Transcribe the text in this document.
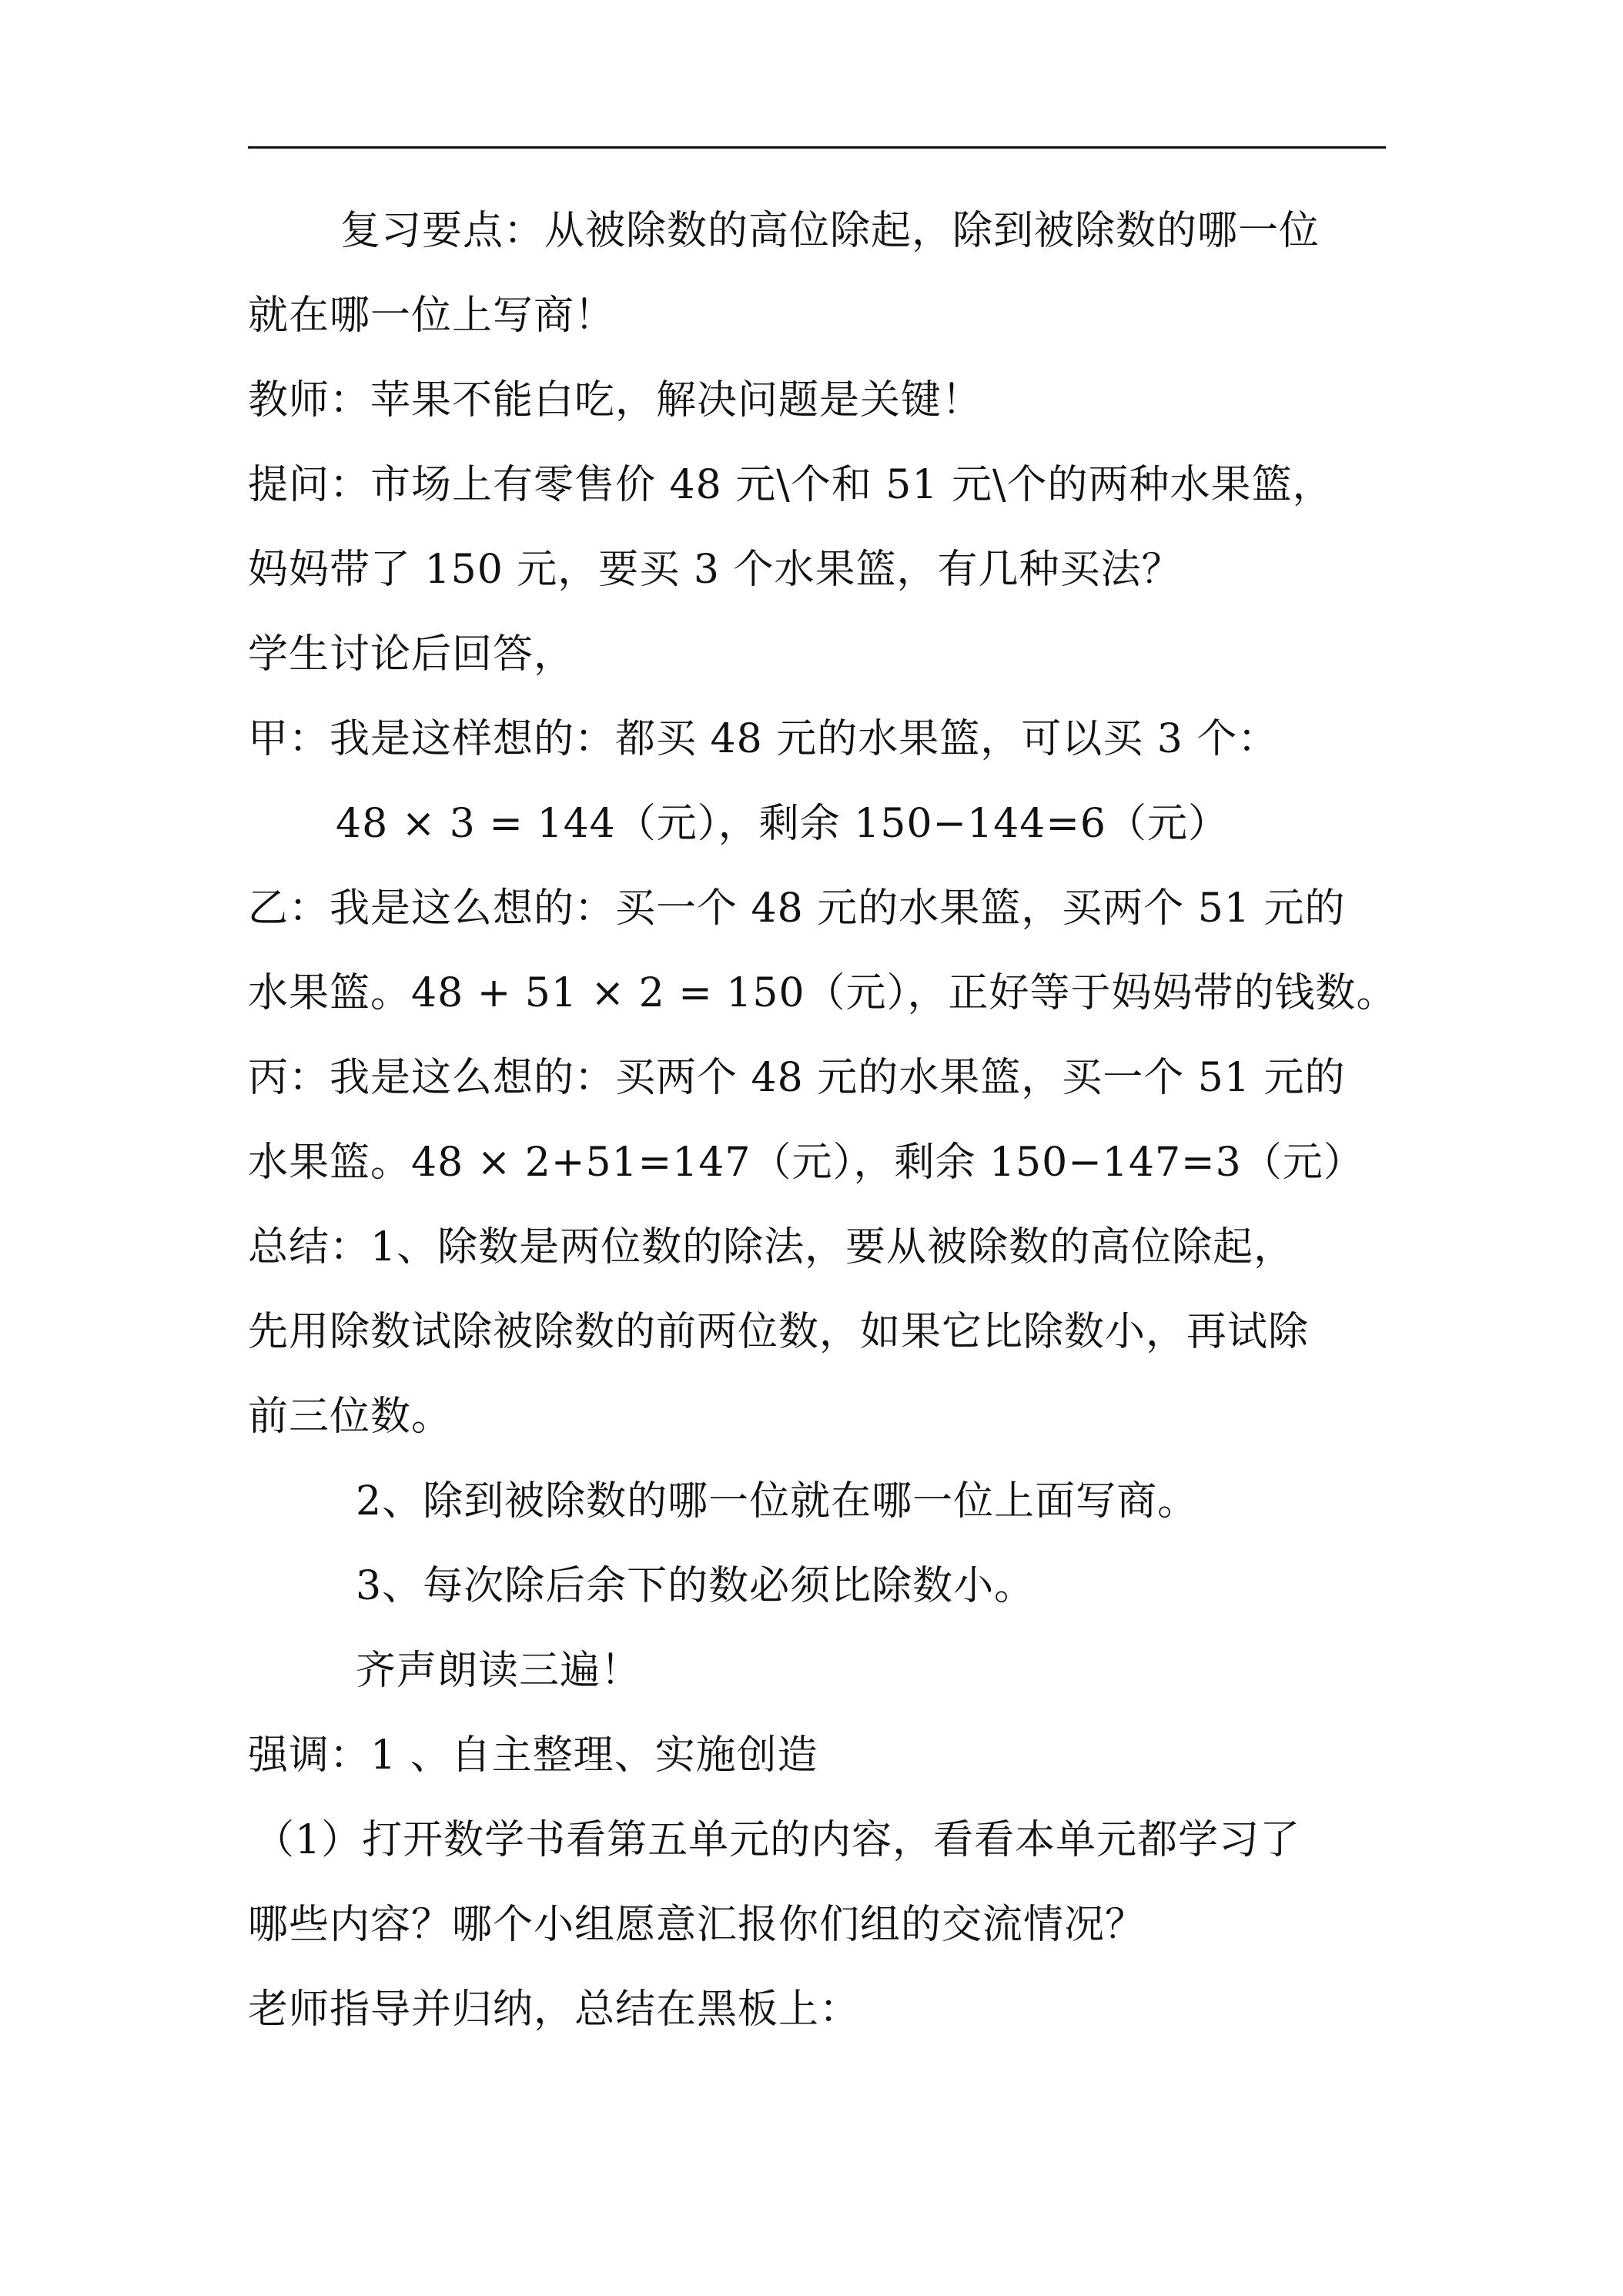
复习要点：从被除数的高位除起，除到被除数的哪一位
就在哪一位上写商！
教师：苹果不能白吃，解决问题是关键！
提问：市场上有零售价 48 元\个和 51 元\个的两种水果篮，
妈妈带了 150 元，要买 3 个水果篮，有几种买法？
学生讨论后回答，
甲：我是这样想的：都买 48 元的水果篮，可以买 3 个：
48 × 3 = 144（元），剩余 150−144=6（元）
乙：我是这么想的：买一个 48 元的水果篮，买两个 51 元的
水果篮。48 + 51 × 2 = 150（元），正好等于妈妈带的钱数。
丙：我是这么想的：买两个 48 元的水果篮，买一个 51 元的
水果篮。48 × 2+51=147（元），剩余 150−147=3（元）
总结：1、除数是两位数的除法，要从被除数的高位除起，
先用除数试除被除数的前两位数，如果它比除数小，再试除
前三位数。
2、除到被除数的哪一位就在哪一位上面写商。
3、每次除后余下的数必须比除数小。
齐声朗读三遍！
强调：1 、自主整理、实施创造
（1）打开数学书看第五单元的内容，看看本单元都学习了
哪些内容？哪个小组愿意汇报你们组的交流情况？
老师指导并归纳，总结在黑板上：
